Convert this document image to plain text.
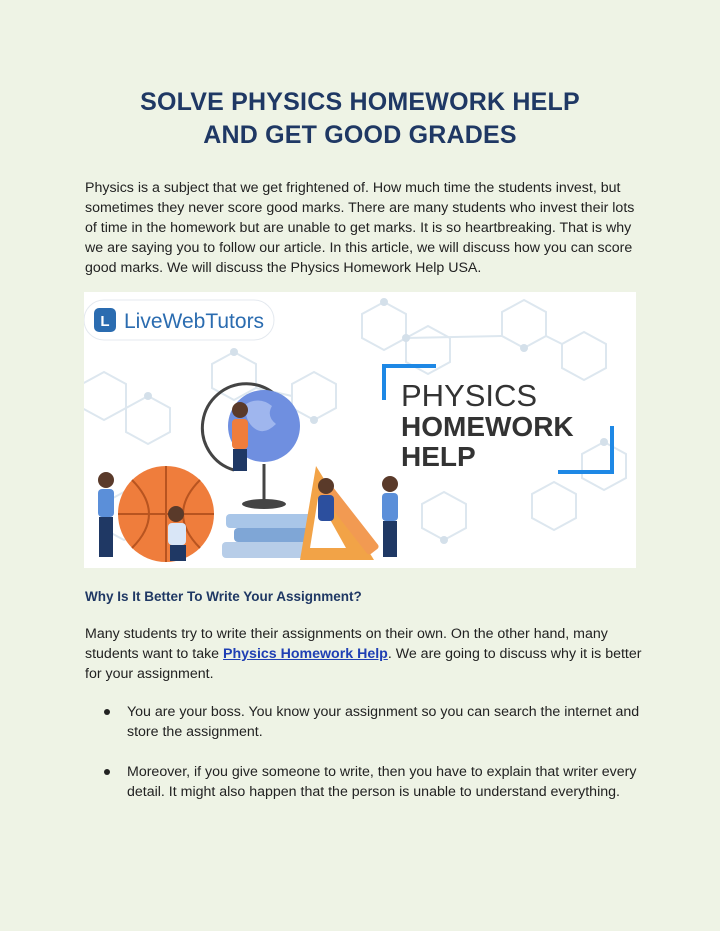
SOLVE PHYSICS HOMEWORK HELP
AND GET GOOD GRADES

Physics is a subject that we get frightened of. How much time the students invest, but sometimes they never score good marks. There are many students who invest their lots of time in the homework but are unable to get marks. It is so heartbreaking. That is why we are saying you to follow our article. In this article, we will discuss how you can score good marks. We will discuss the Physics Homework Help USA.

L LiveWebTutors
PHYSICS
HOMEWORK
HELP
Why Is It Better To Write Your Assignment?

Many students try to write their assignments on their own. On the other hand, many students want to take Physics Homework Help. We are going to discuss why it is better for your assignment.

You are your boss. You know your assignment so you can search the internet and store the assignment.
Moreover, if you give someone to write, then you have to explain that writer every detail. It might also happen that the person is unable to understand everything.
